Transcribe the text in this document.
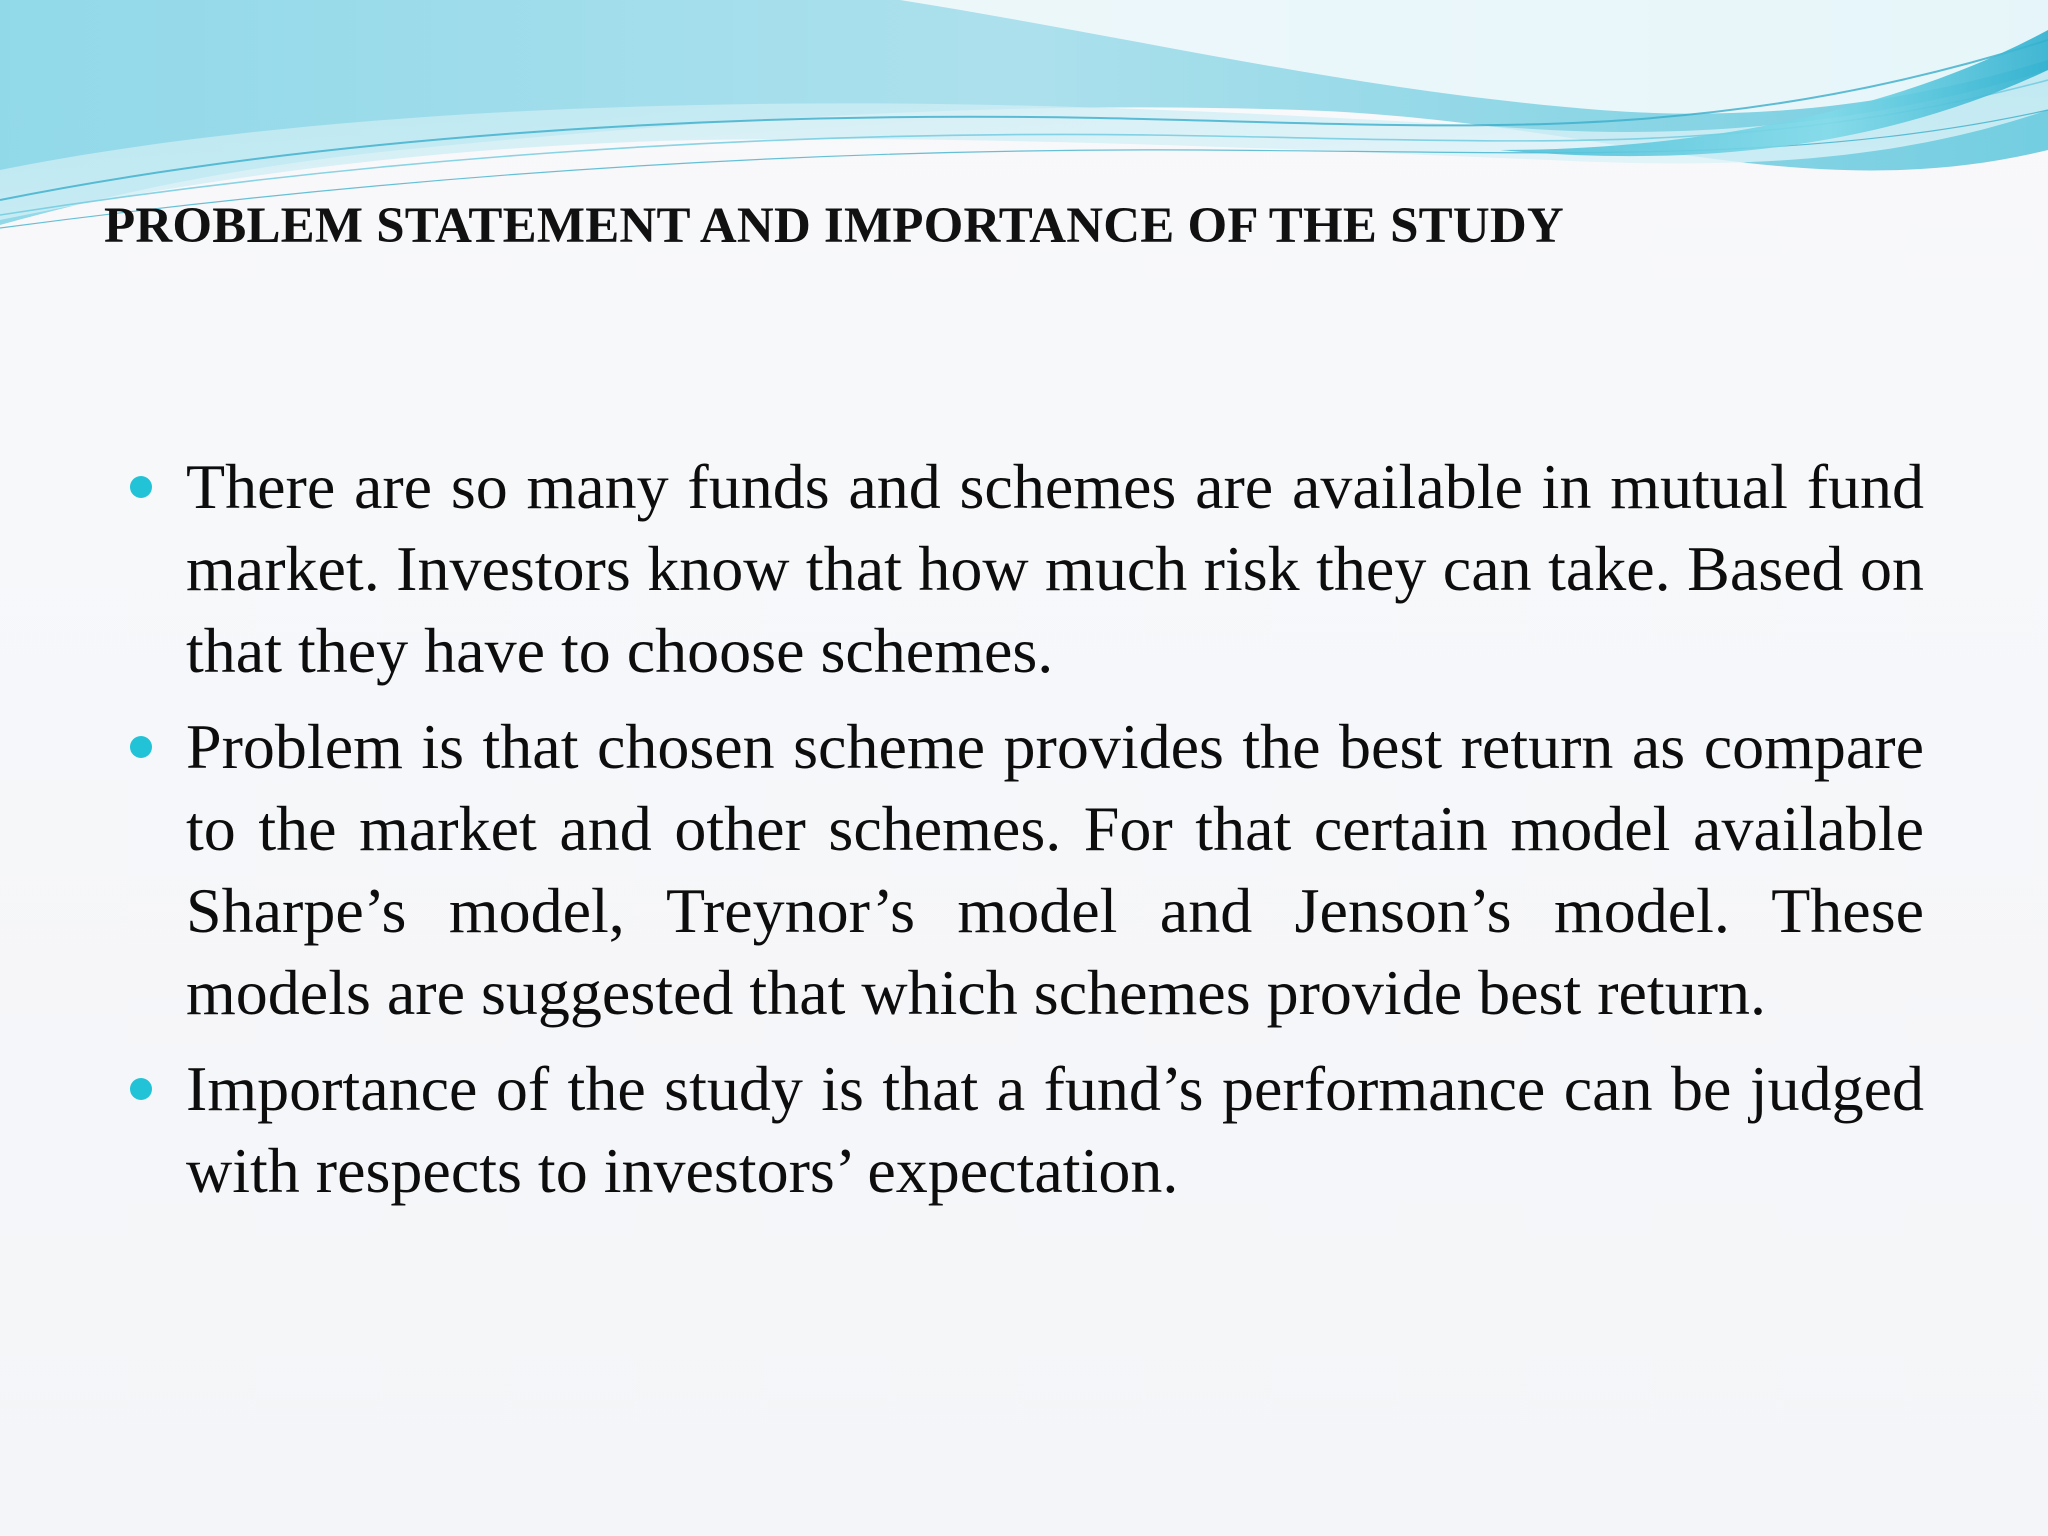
PROBLEM STATEMENT AND IMPORTANCE OF THE STUDY
There are so many funds and schemes are available in mutual fund market. Investors know that how much risk they can take. Based on that they have to choose schemes.
Problem is that chosen scheme provides the best return as compare to the market and other schemes. For that certain model available Sharpe’s model, Treynor’s model and Jenson’s model. These models are suggested that which schemes provide best return.
Importance of the study is that a fund’s performance can be judged with respects to investors’ expectation.
